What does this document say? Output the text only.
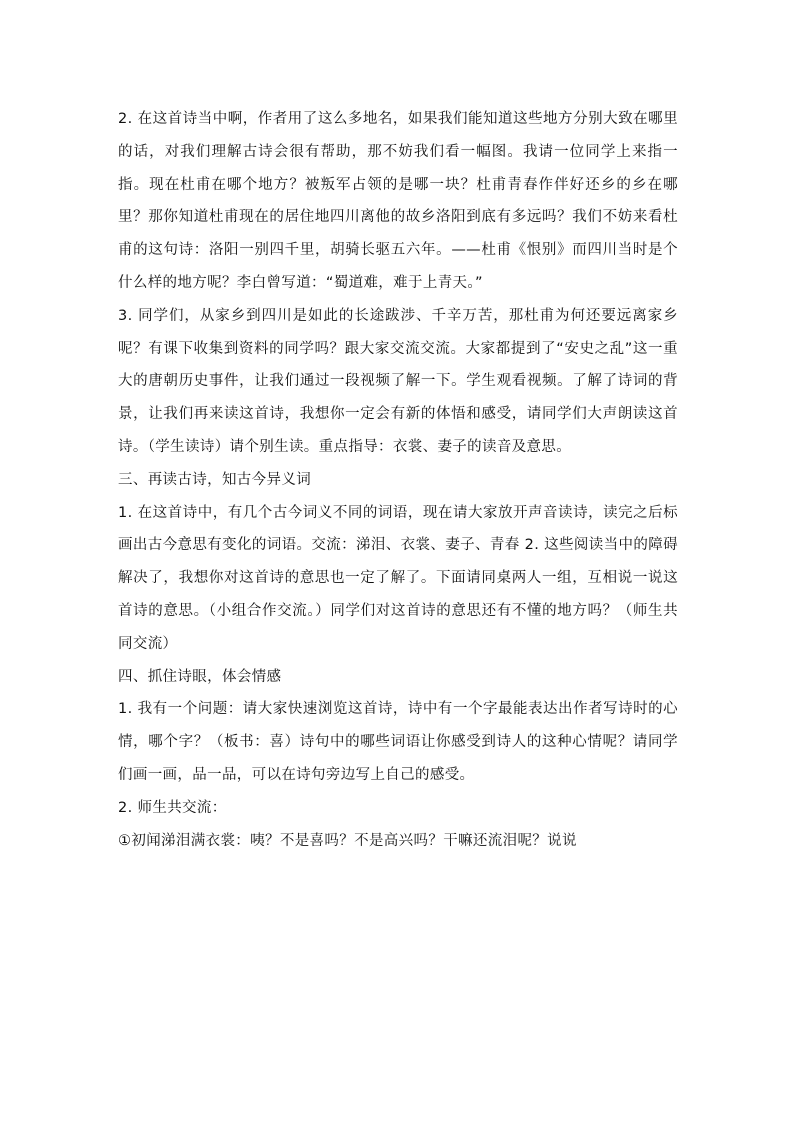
2. 在这首诗当中啊，作者用了这么多地名，如果我们能知道这些地方分别大致在哪里的话，对我们理解古诗会很有帮助，那不妨我们看一幅图。我请一位同学上来指一指。现在杜甫在哪个地方？被叛军占领的是哪一块？杜甫青春作伴好还乡的乡在哪里？那你知道杜甫现在的居住地四川离他的故乡洛阳到底有多远吗？我们不妨来看杜甫的这句诗：洛阳一别四千里，胡骑长驱五六年。——杜甫《恨别》而四川当时是个什么样的地方呢？李白曾写道：“蜀道难，难于上青天。”

3. 同学们，从家乡到四川是如此的长途跋涉、千辛万苦，那杜甫为何还要远离家乡呢？有课下收集到资料的同学吗？跟大家交流交流。大家都提到了“安史之乱”这一重大的唐朝历史事件，让我们通过一段视频了解一下。学生观看视频。了解了诗词的背景，让我们再来读这首诗，我想你一定会有新的体悟和感受，请同学们大声朗读这首诗。（学生读诗）请个别生读。重点指导：衣裳、妻子的读音及意思。

三、再读古诗，知古今异义词

1. 在这首诗中，有几个古今词义不同的词语，现在请大家放开声音读诗，读完之后标画出古今意思有变化的词语。交流：涕泪、衣裳、妻子、青春 2. 这些阅读当中的障碍解决了，我想你对这首诗的意思也一定了解了。下面请同桌两人一组，互相说一说这首诗的意思。（小组合作交流。）同学们对这首诗的意思还有不懂的地方吗？（师生共同交流）

四、抓住诗眼，体会情感

1. 我有一个问题：请大家快速浏览这首诗，诗中有一个字最能表达出作者写诗时的心情，哪个字？（板书：喜）诗句中的哪些词语让你感受到诗人的这种心情呢？请同学们画一画，品一品，可以在诗句旁边写上自己的感受。

2. 师生共交流：

①初闻涕泪满衣裳：咦？不是喜吗？不是高兴吗？干嘛还流泪呢？说说
